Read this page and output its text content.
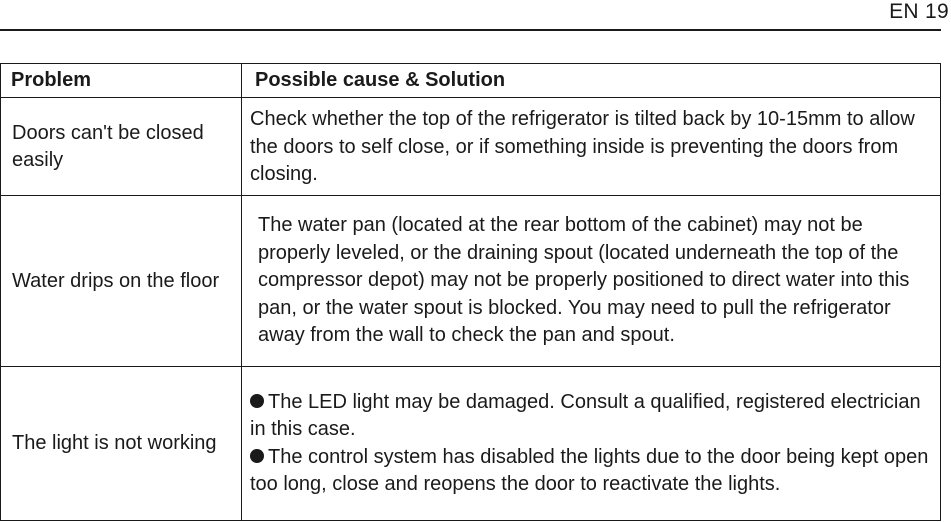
EN 19
Problem	Possible cause & Solution
Doors can't be closed easily	Check whether the top of the refrigerator is tilted back by 10-15mm to allow the doors to self close, or if something inside is preventing the doors from closing.

Water drips on the floor	The water pan (located at the rear bottom of the cabinet) may not be properly leveled, or the draining spout (located underneath the top of the compressor depot) may not be properly positioned to direct water into this pan, or the water spout is blocked. You may need to pull the refrigerator away from the wall to check the pan and spout.

The light is not working	The LED light may be damaged. Consult a qualified, registered electrician in this case.
The control system has disabled the lights due to the door being kept open too long, close and reopens the door to reactivate the lights.
